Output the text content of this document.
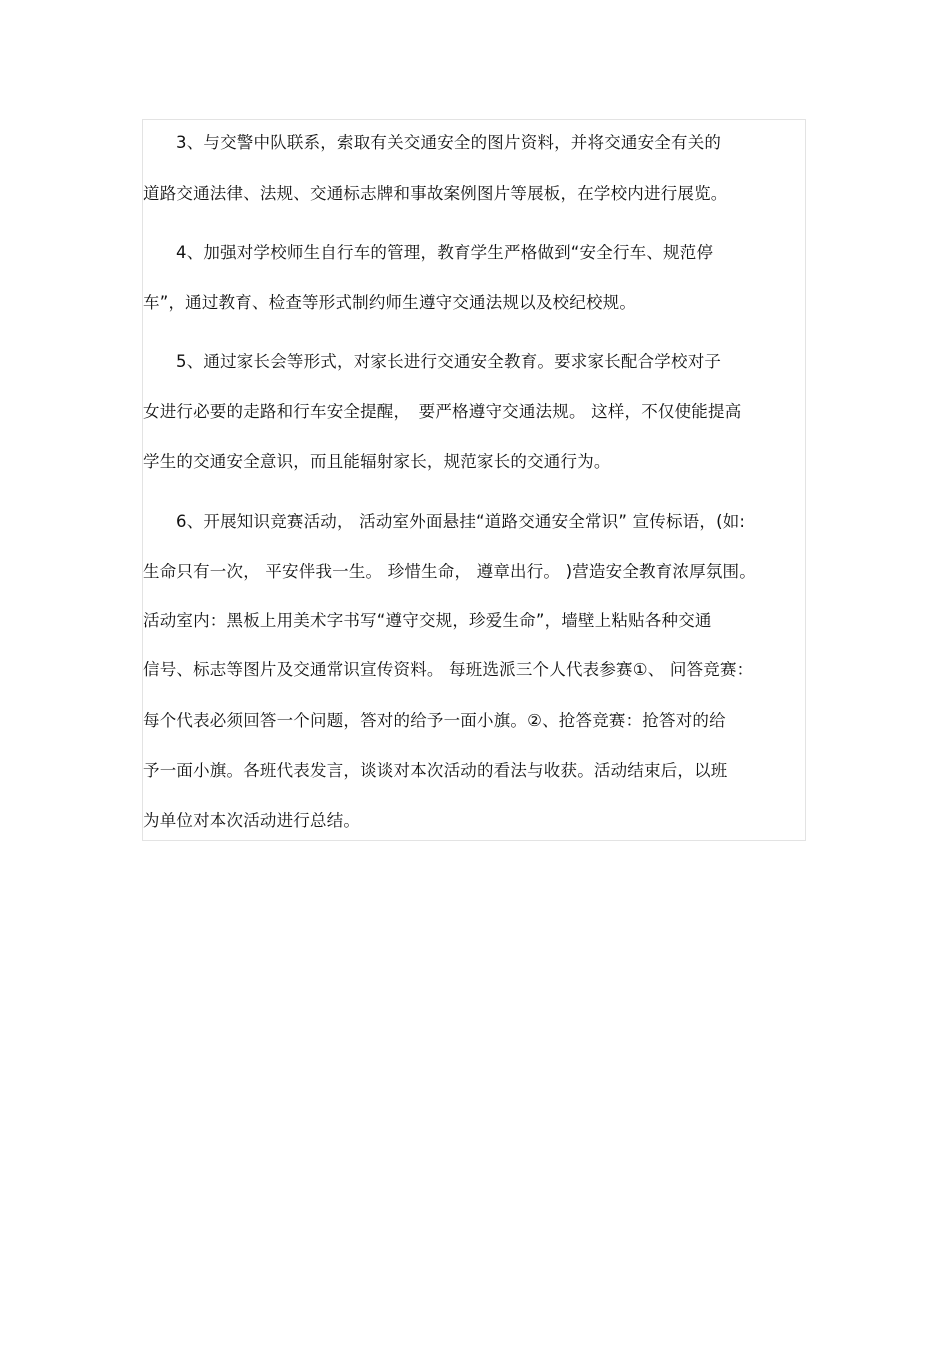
3、与交警中队联系，索取有关交通安全的图片资料，并将交通安全有关的

道路交通法律、法规、交通标志牌和事故案例图片等展板，在学校内进行展览。

4、加强对学校师生自行车的管理，教育学生严格做到“安全行车、规范停

车”，通过教育、检查等形式制约师生遵守交通法规以及校纪校规。

5、通过家长会等形式，对家长进行交通安全教育。要求家长配合学校对子

女进行必要的走路和行车安全提醒，　要严格遵守交通法规。 这样，不仅使能提高

学生的交通安全意识，而且能辐射家长，规范家长的交通行为。

6、开展知识竞赛活动， 活动室外面悬挂“道路交通安全常识” 宣传标语，(如:

生命只有一次， 平安伴我一生。 珍惜生命， 遵章出行。 )营造安全教育浓厚氛围。

活动室内：黑板上用美术字书写“遵守交规，珍爱生命”，墙壁上粘贴各种交通

信号、标志等图片及交通常识宣传资料。 每班选派三个人代表参赛①、 问答竞赛：

每个代表必须回答一个问题，答对的给予一面小旗。②、抢答竞赛：抢答对的给

予一面小旗。各班代表发言，谈谈对本次活动的看法与收获。活动结束后，以班

为单位对本次活动进行总结。
